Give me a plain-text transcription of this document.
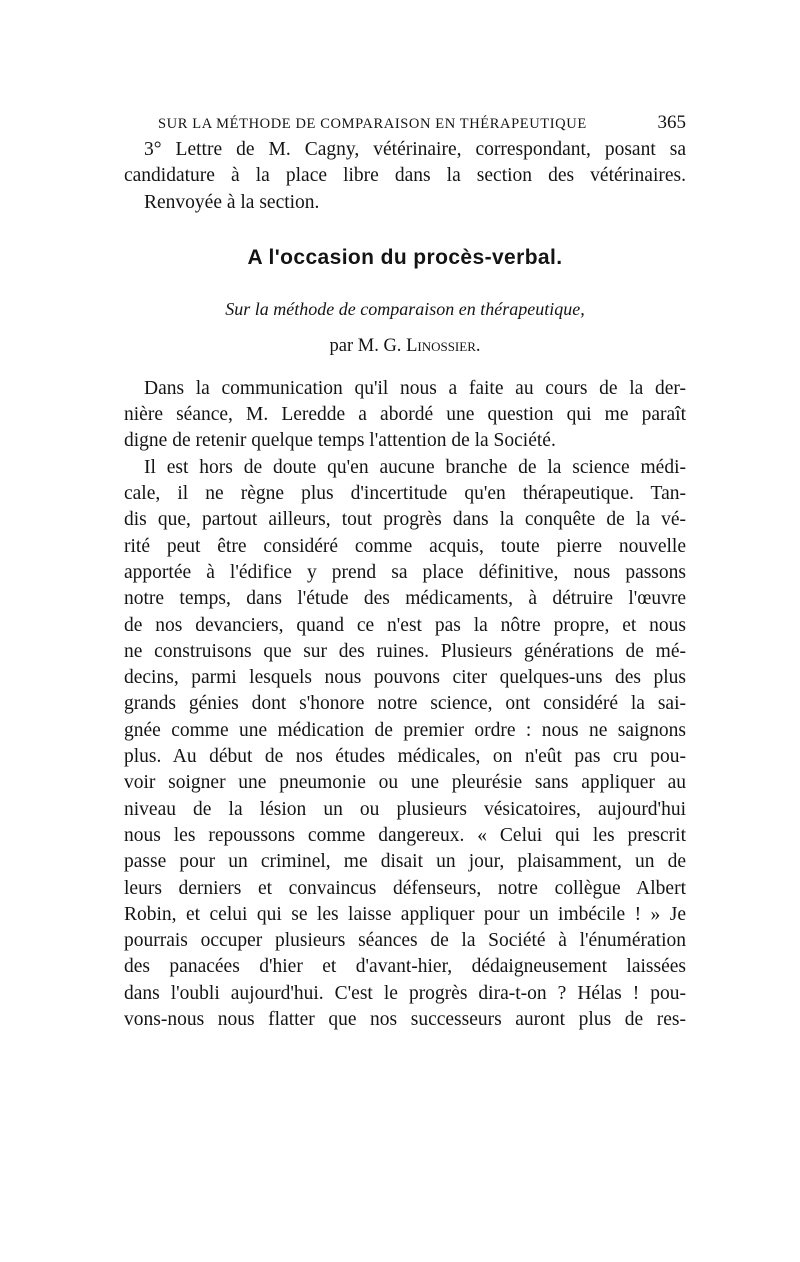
SUR LA MÉTHODE DE COMPARAISON EN THÉRAPEUTIQUE	365
3° Lettre de M. Cagny, vétérinaire, correspondant, posant sa
candidature à la place libre dans la section des vétérinaires.
Renvoyée à la section.
A l'occasion du procès-verbal.
Sur la méthode de comparaison en thérapeutique,
par M. G. Linossier.
Dans la communication qu'il nous a faite au cours de la der-
nière séance, M. Leredde a abordé une question qui me paraît
digne de retenir quelque temps l'attention de la Société.
Il est hors de doute qu'en aucune branche de la science médi-
cale, il ne règne plus d'incertitude qu'en thérapeutique. Tan-
dis que, partout ailleurs, tout progrès dans la conquête de la vé-
rité peut être considéré comme acquis, toute pierre nouvelle
apportée à l'édifice y prend sa place définitive, nous passons
notre temps, dans l'étude des médicaments, à détruire l'œuvre
de nos devanciers, quand ce n'est pas la nôtre propre, et nous
ne construisons que sur des ruines. Plusieurs générations de mé-
decins, parmi lesquels nous pouvons citer quelques-uns des plus
grands génies dont s'honore notre science, ont considéré la sai-
gnée comme une médication de premier ordre : nous ne saignons
plus. Au début de nos études médicales, on n'eût pas cru pou-
voir soigner une pneumonie ou une pleurésie sans appliquer au
niveau de la lésion un ou plusieurs vésicatoires, aujourd'hui
nous les repoussons comme dangereux. « Celui qui les prescrit
passe pour un criminel, me disait un jour, plaisamment, un de
leurs derniers et convaincus défenseurs, notre collègue Albert
Robin, et celui qui se les laisse appliquer pour un imbécile ! » Je
pourrais occuper plusieurs séances de la Société à l'énumération
des panacées d'hier et d'avant-hier, dédaigneusement laissées
dans l'oubli aujourd'hui. C'est le progrès dira-t-on ? Hélas ! pou-
vons-nous nous flatter que nos successeurs auront plus de res-
